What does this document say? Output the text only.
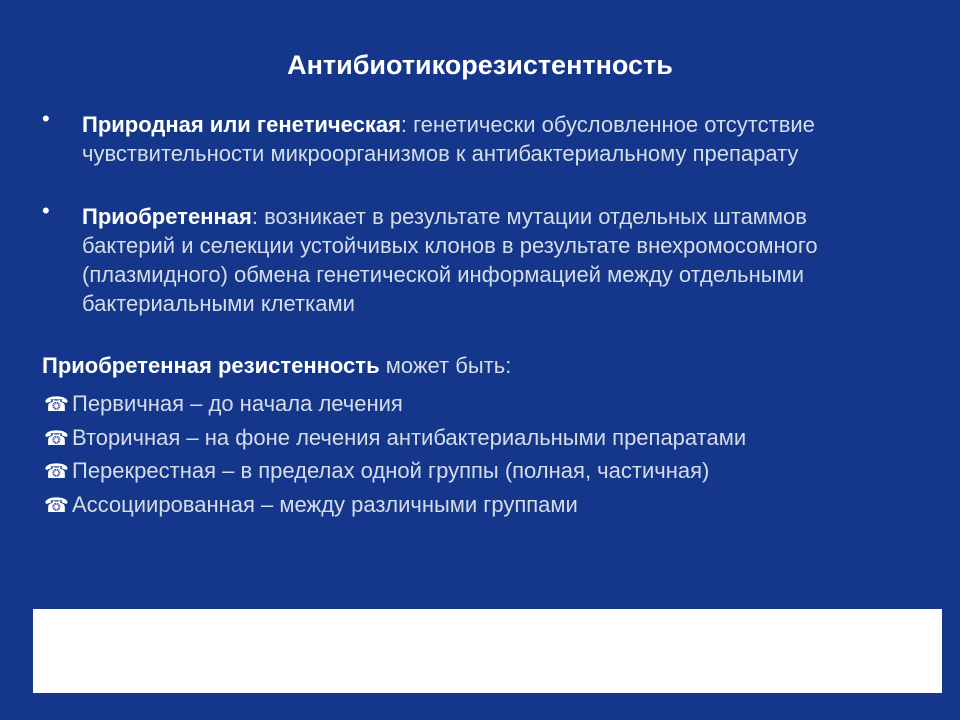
Антибиотикорезистентность
• Природная или генетическая: генетически обусловленное отсутствие чувствительности микроорганизмов к антибактериальному препарату
• Приобретенная: возникает в результате мутации отдельных штаммов бактерий и селекции устойчивых клонов в результате внехромосомного (плазмидного) обмена генетической информацией между отдельными бактериальными клетками

Приобретенная резистенность может быть:

☎ Первичная – до начала лечения
☎ Вторичная – на фоне лечения антибактериальными препаратами
☎ Перекрестная – в пределах одной группы (полная, частичная)
☎ Ассоциированная – между различными группами
